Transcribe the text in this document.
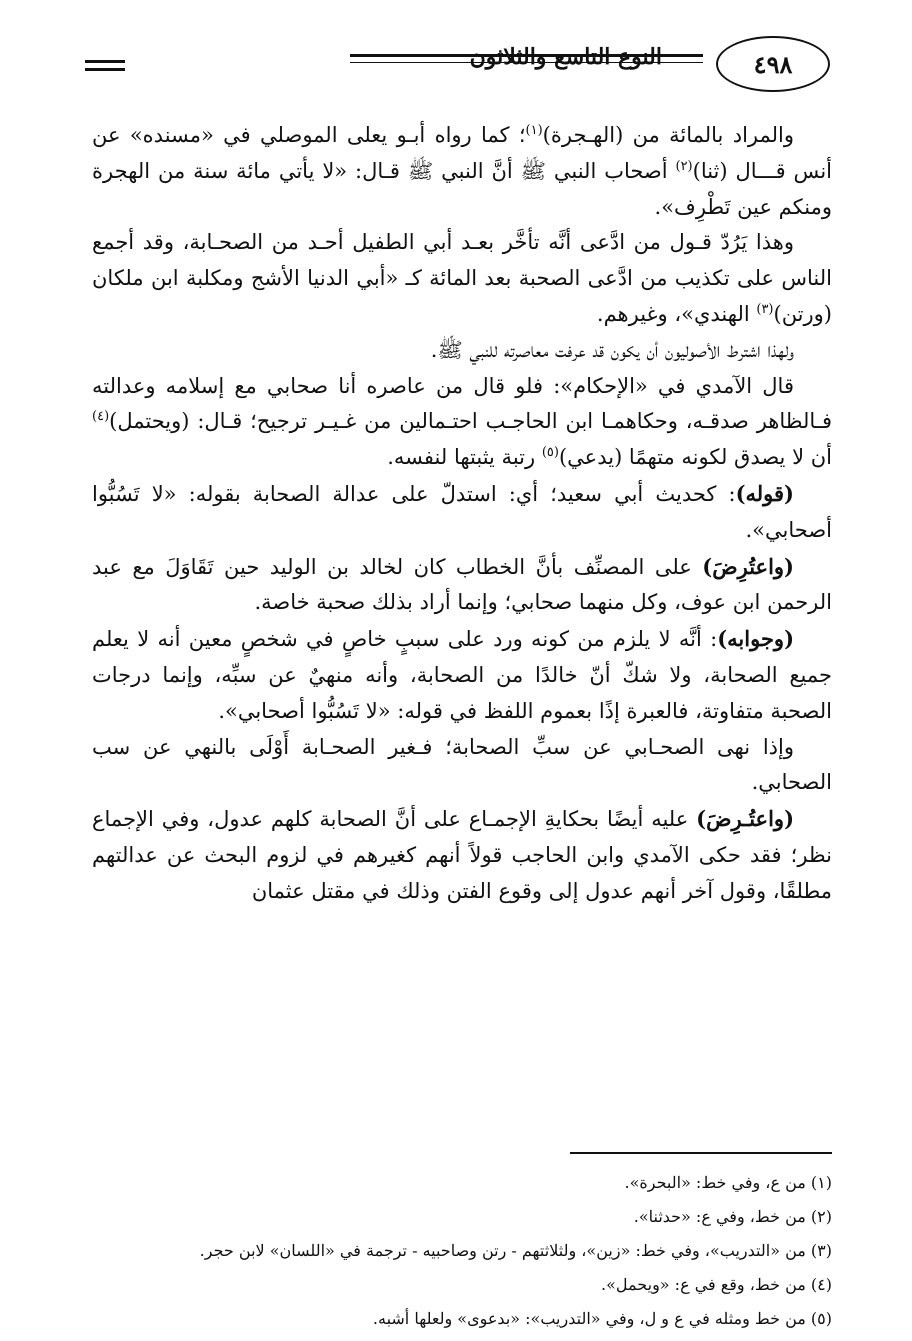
النوع التاسع والثلاثون	٤٩٨

والمراد بالمائة من (الهـجرة)$^{(١)}$؛ كما رواه أبـو يعلى الموصلي في «مسنده» عن أنس قـــال (ثنا)$^{(٢)}$ أصحاب النبي ﷺ أنَّ النبي ﷺ قـال: «لا يأتي مائة سنة من الهجرة ومنكم عين تَطْرِف».

وهذا يَرُدّ قـول من ادَّعى أنَّه تأخَّر بعـد أبي الطفيل أحـد من الصحـابة، وقد أجمع الناس على تكذيب من ادَّعى الصحبة بعد المائة كـ «أبي الدنيا الأشج ومكلبة ابن ملكان (ورتن)$^{(٣)}$ الهندي»، وغيرهم.

ولهذا اشترط الأصوليون أن يكون قد عرفت معاصرته للنبي ﷺ.

قال الآمدي في «الإحكام»: فلو قال من عاصره أنا صحابي مع إسلامه وعدالته فـالظاهر صدقـه، وحكاهمـا ابن الحاجـب احتـمالين من غـيـر ترجيح؛ قـال: (ويحتمل)$^{(٤)}$ أن لا يصدق لكونه متهمًا (يدعي)$^{(٥)}$ رتبة يثبتها لنفسه.

(قوله): كحديث أبي سعيد؛ أي: استدلّ على عدالة الصحابة بقوله: «لا تَسُبُّوا أصحابي».

(واعتُرِضَ) على المصنِّف بأنَّ الخطاب كان لخالد بن الوليد حين تَقَاوَلَ مع عبد الرحمن ابن عوف، وكل منهما صحابي؛ وإنما أراد بذلك صحبة خاصة.

(وجوابه): أنَّه لا يلزم من كونه ورد على سببٍ خاصٍ في شخصٍ معين أنه لا يعلم جميع الصحابة، ولا شكّ أنّ خالدًا من الصحابة، وأنه منهيٌ عن سبِّه، وإنما درجات الصحبة متفاوتة، فالعبرة إذًا بعموم اللفظ في قوله: «لا تَسُبُّوا أصحابي».

وإذا نهى الصحـابي عن سبِّ الصحابة؛ فـغير الصحـابة أَوْلَى بالنهي عن سب الصحابي.

(واعتُـرِضَ) عليه أيضًا بحكايةِ الإجمـاع على أنَّ الصحابة كلهم عدول، وفي الإجماع نظر؛ فقد حكى الآمدي وابن الحاجب قولاً أنهم كغيرهم في لزوم البحث عن عدالتهم مطلقًا، وقول آخر أنهم عدول إلى وقوع الفتن وذلك في مقتل عثمان

(١) من ع، وفي خط: «البحرة».
(٢) من خط، وفي ع: «حدثنا».
(٣) من «التدريب»، وفي خط: «زين»، ولثلاثتهم - رتن وصاحبيه - ترجمة في «اللسان» لابن حجر.
(٤) من خط، وقع في ع: «ويحمل».
(٥) من خط ومثله في ع و ل، وفي «التدريب»: «بدعوى» ولعلها أشبه.
